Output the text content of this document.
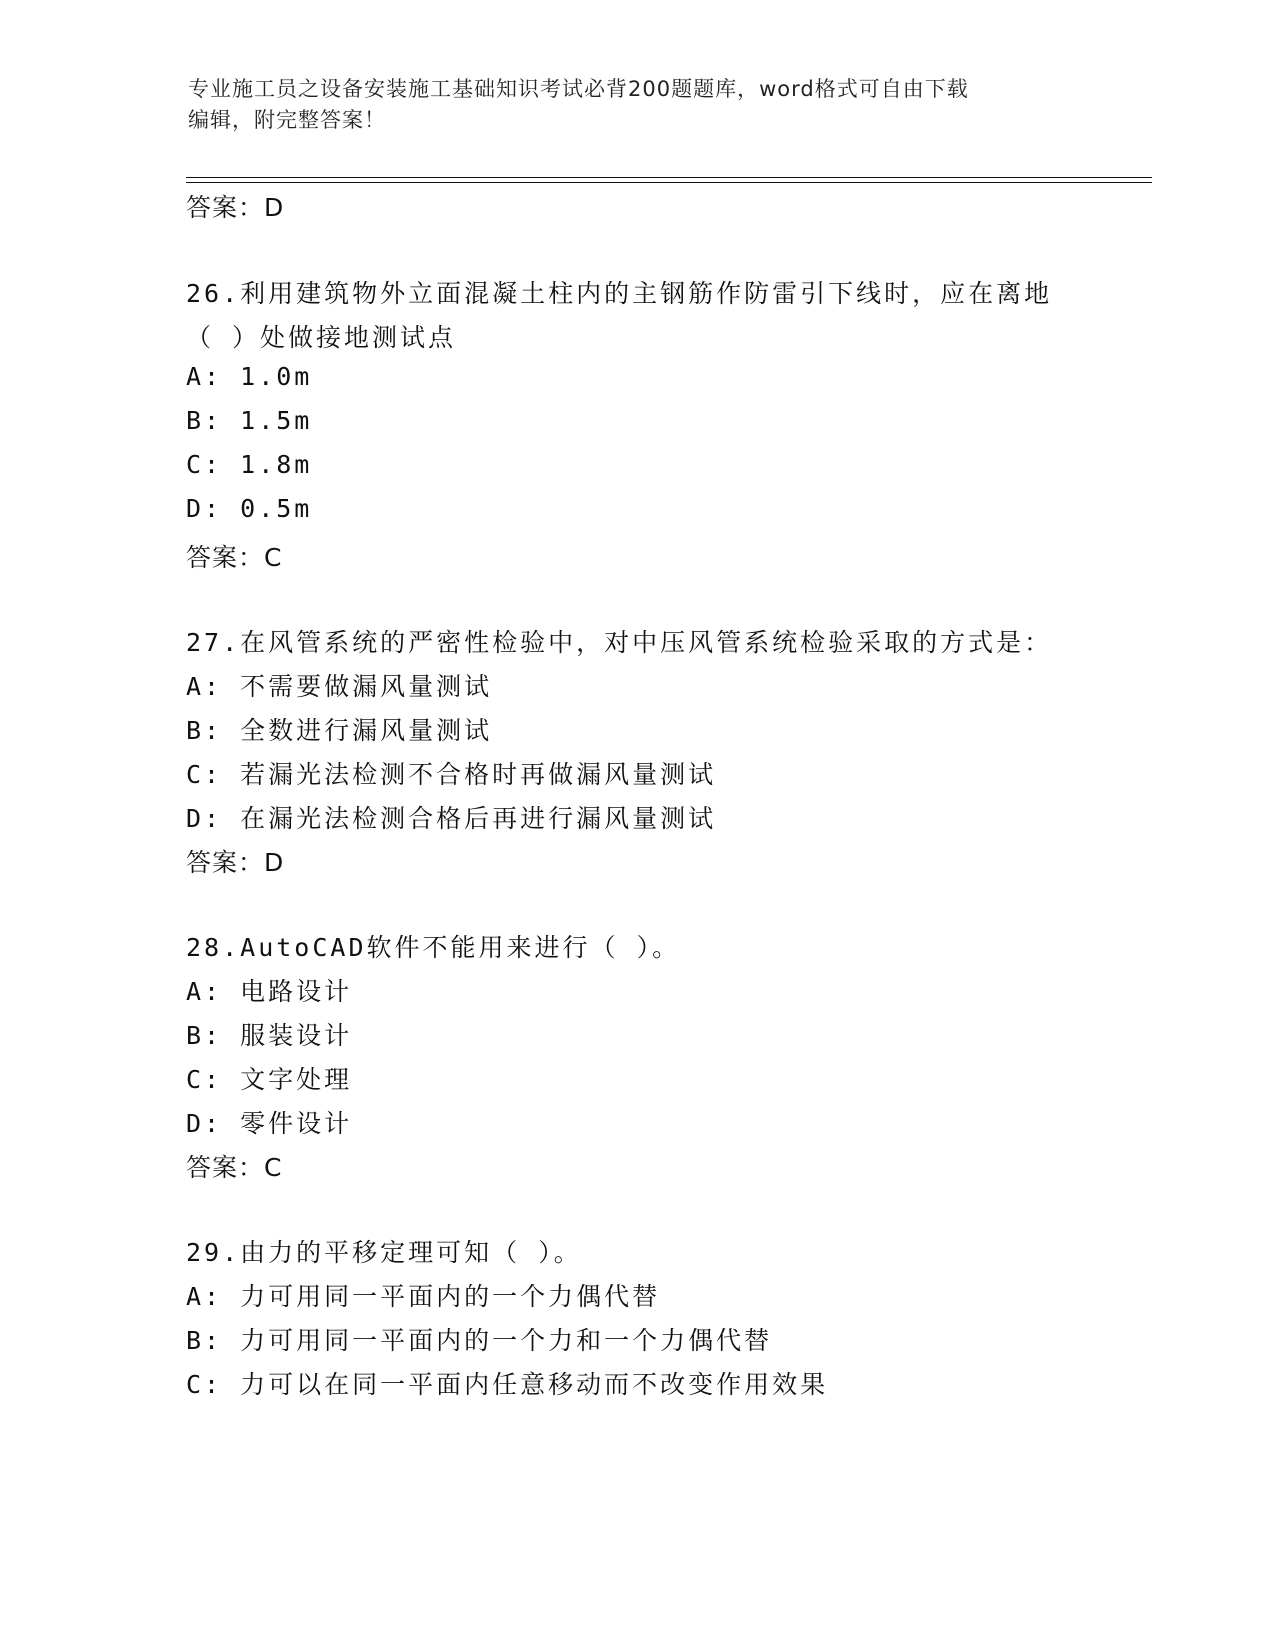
专业施工员之设备安装施工基础知识考试必背200题题库，word格式可自由下载
编辑，附完整答案！
答案：D
26.利用建筑物外立面混凝土柱内的主钢筋作防雷引下线时，应在离地
（ ）处做接地测试点
A: 1.0m
B: 1.5m
C: 1.8m
D: 0.5m
答案：C
27.在风管系统的严密性检验中，对中压风管系统检验采取的方式是：
A: 不需要做漏风量测试
B: 全数进行漏风量测试
C: 若漏光法检测不合格时再做漏风量测试
D: 在漏光法检测合格后再进行漏风量测试
答案：D
28.AutoCAD软件不能用来进行（ ）。
A: 电路设计
B: 服装设计
C: 文字处理
D: 零件设计
答案：C
29.由力的平移定理可知（ ）。
A: 力可用同一平面内的一个力偶代替
B: 力可用同一平面内的一个力和一个力偶代替
C: 力可以在同一平面内任意移动而不改变作用效果
